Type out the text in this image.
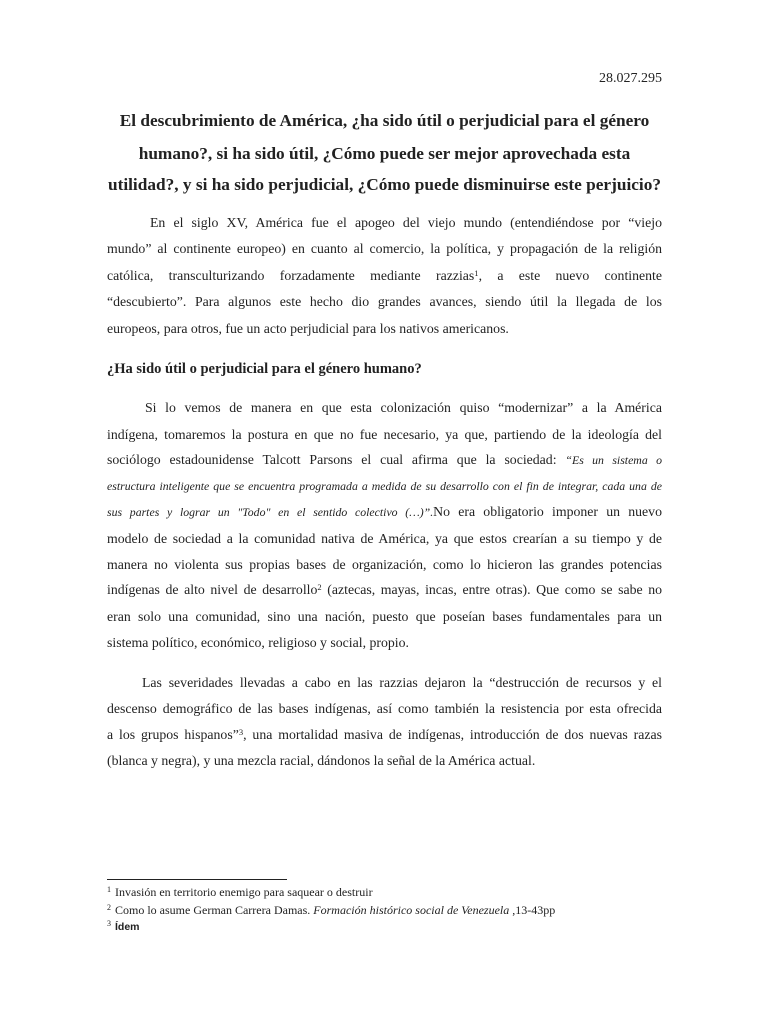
28.027.295
El descubrimiento de América, ¿ha sido útil o perjudicial para el género
humano?, si ha sido útil, ¿Cómo puede ser mejor aprovechada esta
utilidad?, y si ha sido perjudicial, ¿Cómo puede disminuirse este perjuicio?
En el siglo XV, América fue el apogeo del viejo mundo (entendiéndose por “viejo
mundo” al continente europeo) en cuanto al comercio, la política, y propagación de la religión
católica, transculturizando forzadamente mediante razzias$^1$, a este nuevo continente
“descubierto”. Para algunos este hecho dio grandes avances, siendo útil la llegada de los
europeos, para otros, fue un acto perjudicial para los nativos americanos.
¿Ha sido útil o perjudicial para el género humano?
Si lo vemos de manera en que esta colonización quiso “modernizar” a la América
indígena, tomaremos la postura en que no fue necesario, ya que, partiendo de la ideología del
sociólogo estadounidense Talcott Parsons el cual afirma que la sociedad: “Es un sistema o
estructura inteligente que se encuentra programada a medida de su desarrollo con el fin de integrar, cada una de
sus partes y lograr un "Todo" en el sentido colectivo (…)”.No era obligatorio imponer un nuevo
modelo de sociedad a la comunidad nativa de América, ya que estos crearían a su tiempo y de
manera no violenta sus propias bases de organización, como lo hicieron las grandes potencias
indígenas de alto nivel de desarrollo$^2$ (aztecas, mayas, incas, entre otras). Que como se sabe no
eran solo una comunidad, sino una nación, puesto que poseían bases fundamentales para un
sistema político, económico, religioso y social, propio.
Las severidades llevadas a cabo en las razzias dejaron la “destrucción de recursos y el
descenso demográfico de las bases indígenas, así como también la resistencia por esta ofrecida
a los grupos hispanos”$^3$, una mortalidad masiva de indígenas, introducción de dos nuevas razas
(blanca y negra), y una mezcla racial, dándonos la señal de la América actual.
$^1$ Invasión en territorio enemigo para saquear o destruir
$^2$ Como lo asume German Carrera Damas. Formación histórico social de Venezuela ,13-43pp
$^3$ Ídem
